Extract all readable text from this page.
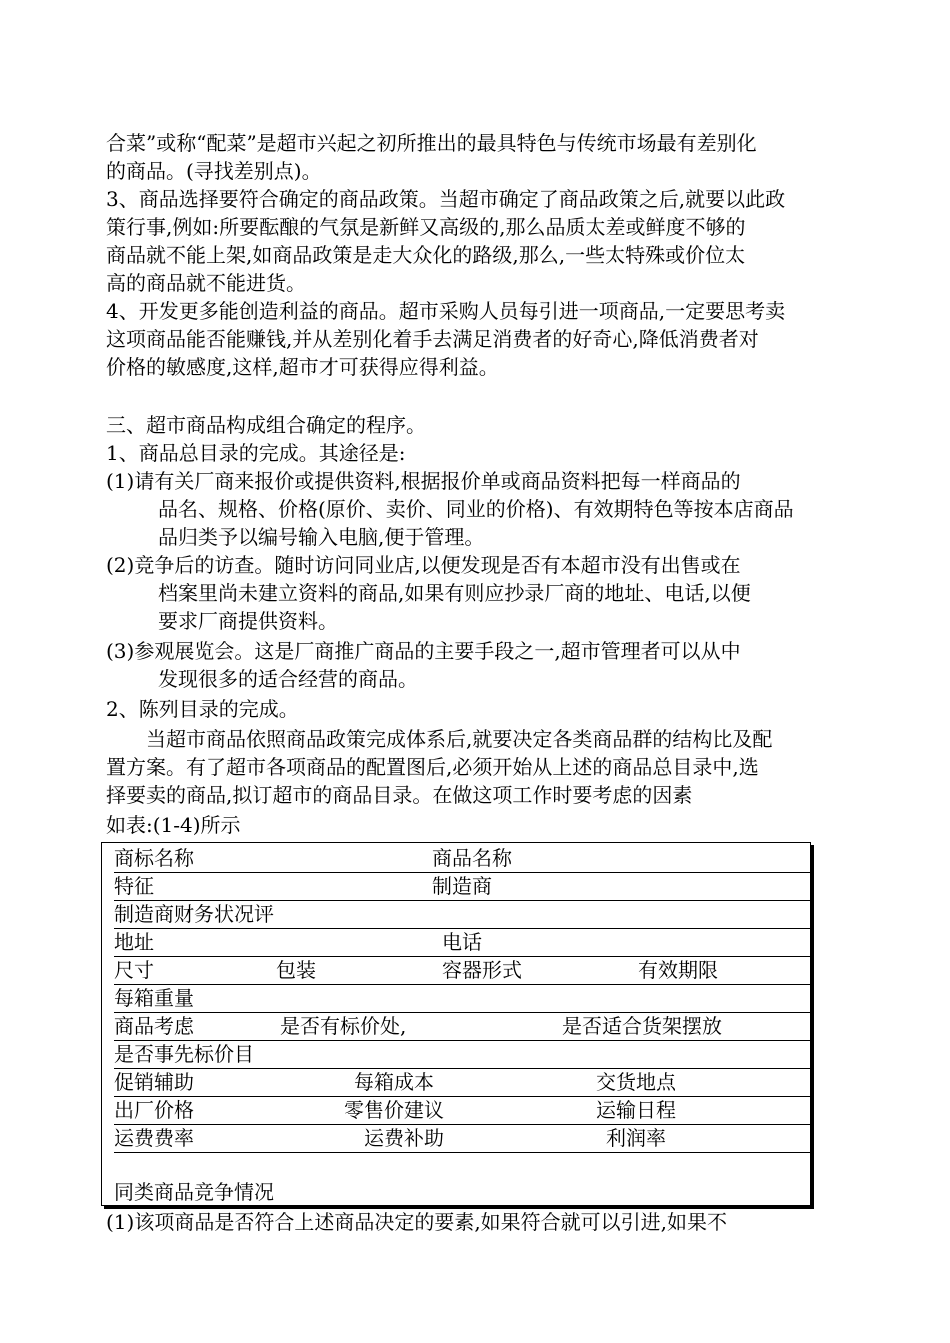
合菜”或称“配菜”是超市兴起之初所推出的最具特色与传统市场最有差别化
的商品。(寻找差别点)。
3、商品选择要符合确定的商品政策。当超市确定了商品政策之后,就要以此政
策行事,例如:所要酝酿的气氛是新鲜又高级的,那么品质太差或鲜度不够的
商品就不能上架,如商品政策是走大众化的路级,那么,一些太特殊或价位太
高的商品就不能进货。
4、开发更多能创造利益的商品。超市采购人员每引进一项商品,一定要思考卖
这项商品能否能赚钱,并从差别化着手去满足消费者的好奇心,降低消费者对
价格的敏感度,这样,超市才可获得应得利益。
三、超市商品构成组合确定的程序。
1、商品总目录的完成。其途径是:
(1)请有关厂商来报价或提供资料,根据报价单或商品资料把每一样商品的
品名、规格、价格(原价、卖价、同业的价格)、有效期特色等按本店商品
品归类予以编号输入电脑,便于管理。
(2)竞争后的访查。随时访问同业店,以便发现是否有本超市没有出售或在
档案里尚未建立资料的商品,如果有则应抄录厂商的地址、电话,以便
要求厂商提供资料。
(3)参观展览会。这是厂商推广商品的主要手段之一,超市管理者可以从中
发现很多的适合经营的商品。
2、陈列目录的完成。
当超市商品依照商品政策完成体系后,就要决定各类商品群的结构比及配
置方案。有了超市各项商品的配置图后,必须开始从上述的商品总目录中,选
择要卖的商品,拟订超市的商品目录。在做这项工作时要考虑的因素
如表:(1-4)所示
商标名称	商品名称
特征	制造商
制造商财务状况评
地址	电话
尺寸	包装	容器形式	有效期限
每箱重量
商品考虑	是否有标价处,	是否适合货架摆放
是否事先标价目
促销辅助	每箱成本	交货地点
出厂价格	零售价建议	运输日程
运费费率	运费补助	利润率
同类商品竞争情况
(1)该项商品是否符合上述商品决定的要素,如果符合就可以引进,如果不
